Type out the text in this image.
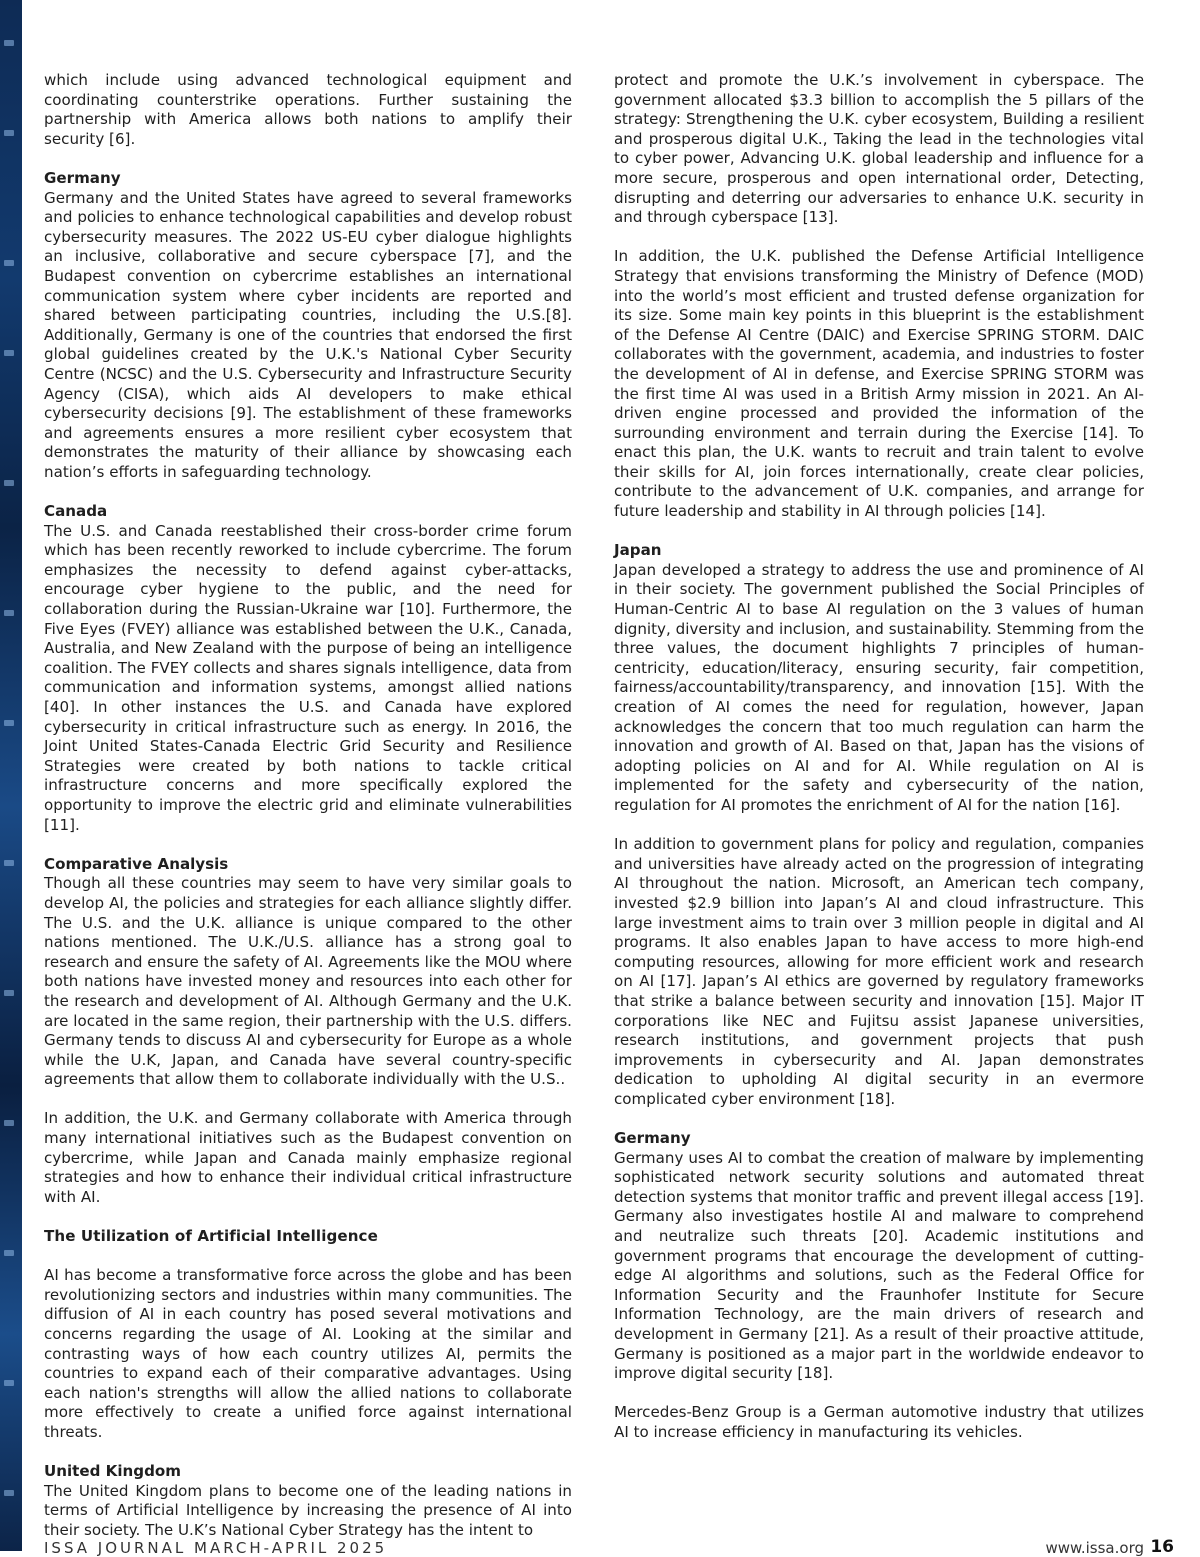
which include using advanced technological equipment and coordinating counterstrike operations. Further sustaining the partnership with America allows both nations to amplify their security [6].

Germany

Germany and the United States have agreed to several frameworks and policies to enhance technological capabilities and develop robust cybersecurity measures. The 2022 US-EU cyber dialogue highlights an inclusive, collaborative and secure cyberspace [7], and the Budapest convention on cybercrime establishes an international communication system where cyber incidents are reported and shared between participating countries, including the U.S.[8]. Additionally, Germany is one of the countries that endorsed the first global guidelines created by the U.K.'s National Cyber Security Centre (NCSC) and the U.S. Cybersecurity and Infrastructure Security Agency (CISA), which aids AI developers to make ethical cybersecurity decisions [9]. The establishment of these frameworks and agreements ensures a more resilient cyber ecosystem that demonstrates the maturity of their alliance by showcasing each nation’s efforts in safeguarding technology.

Canada

The U.S. and Canada reestablished their cross-border crime forum which has been recently reworked to include cybercrime. The forum emphasizes the necessity to defend against cyber-attacks, encourage cyber hygiene to the public, and the need for collaboration during the Russian-Ukraine war [10]. Furthermore, the Five Eyes (FVEY) alliance was established between the U.K., Canada, Australia, and New Zealand with the purpose of being an intelligence coalition. The FVEY collects and shares signals intelligence, data from communication and information systems, amongst allied nations [40]. In other instances the U.S. and Canada have explored cybersecurity in critical infrastructure such as energy. In 2016, the Joint United States-Canada Electric Grid Security and Resilience Strategies were created by both nations to tackle critical infrastructure concerns and more specifically explored the opportunity to improve the electric grid and eliminate vulnerabilities [11].

Comparative Analysis

Though all these countries may seem to have very similar goals to develop AI, the policies and strategies for each alliance slightly differ. The U.S. and the U.K. alliance is unique compared to the other nations mentioned. The U.K./U.S. alliance has a strong goal to research and ensure the safety of AI. Agreements like the MOU where both nations have invested money and resources into each other for the research and development of AI. Although Germany and the U.K. are located in the same region, their partnership with the U.S. differs. Germany tends to discuss AI and cybersecurity for Europe as a whole while the U.K, Japan, and Canada have several country-specific agreements that allow them to collaborate individually with the U.S..

In addition, the U.K. and Germany collaborate with America through many international initiatives such as the Budapest convention on cybercrime, while Japan and Canada mainly emphasize regional strategies and how to enhance their individual critical infrastructure with AI.

The Utilization of Artificial Intelligence

AI has become a transformative force across the globe and has been revolutionizing sectors and industries within many communities. The diffusion of AI in each country has posed several motivations and concerns regarding the usage of AI. Looking at the similar and contrasting ways of how each country utilizes AI, permits the countries to expand each of their comparative advantages. Using each nation's strengths will allow the allied nations to collaborate more effectively to create a unified force against international threats.

United Kingdom

The United Kingdom plans to become one of the leading nations in terms of Artificial Intelligence by increasing the presence of AI into their society. The U.K’s National Cyber Strategy has the intent to

protect and promote the U.K.’s involvement in cyberspace. The government allocated $3.3 billion to accomplish the 5 pillars of the strategy: Strengthening the U.K. cyber ecosystem, Building a resilient and prosperous digital U.K., Taking the lead in the technologies vital to cyber power, Advancing U.K. global leadership and influence for a more secure, prosperous and open international order, Detecting, disrupting and deterring our adversaries to enhance U.K. security in and through cyberspace [13].

In addition, the U.K. published the Defense Artificial Intelligence Strategy that envisions transforming the Ministry of Defence (MOD) into the world’s most efficient and trusted defense organization for its size. Some main key points in this blueprint is the establishment of the Defense AI Centre (DAIC) and Exercise SPRING STORM. DAIC collaborates with the government, academia, and industries to foster the development of AI in defense, and Exercise SPRING STORM was the first time AI was used in a British Army mission in 2021. An AI-driven engine processed and provided the information of the surrounding environment and terrain during the Exercise [14]. To enact this plan, the U.K. wants to recruit and train talent to evolve their skills for AI, join forces internationally, create clear policies, contribute to the advancement of U.K. companies, and arrange for future leadership and stability in AI through policies [14].

Japan

Japan developed a strategy to address the use and prominence of AI in their society. The government published the Social Principles of Human-Centric AI to base AI regulation on the 3 values of human dignity, diversity and inclusion, and sustainability. Stemming from the three values, the document highlights 7 principles of human-centricity, education/literacy, ensuring security, fair competition, fairness/accountability/transparency, and innovation [15]. With the creation of AI comes the need for regulation, however, Japan acknowledges the concern that too much regulation can harm the innovation and growth of AI. Based on that, Japan has the visions of adopting policies on AI and for AI. While regulation on AI is implemented for the safety and cybersecurity of the nation, regulation for AI promotes the enrichment of AI for the nation [16].

In addition to government plans for policy and regulation, companies and universities have already acted on the progression of integrating AI throughout the nation. Microsoft, an American tech company, invested $2.9 billion into Japan’s AI and cloud infrastructure. This large investment aims to train over 3 million people in digital and AI programs. It also enables Japan to have access to more high-end computing resources, allowing for more efficient work and research on AI [17]. Japan’s AI ethics are governed by regulatory frameworks that strike a balance between security and innovation [15]. Major IT corporations like NEC and Fujitsu assist Japanese universities, research institutions, and government projects that push improvements in cybersecurity and AI. Japan demonstrates dedication to upholding AI digital security in an evermore complicated cyber environment [18].

Germany

Germany uses AI to combat the creation of malware by implementing sophisticated network security solutions and automated threat detection systems that monitor traffic and prevent illegal access [19]. Germany also investigates hostile AI and malware to comprehend and neutralize such threats [20]. Academic institutions and government programs that encourage the development of cutting-edge AI algorithms and solutions, such as the Federal Office for Information Security and the Fraunhofer Institute for Secure Information Technology, are the main drivers of research and development in Germany [21]. As a result of their proactive attitude, Germany is positioned as a major part in the worldwide endeavor to improve digital security [18].

Mercedes-Benz Group is a German automotive industry that utilizes AI to increase efficiency in manufacturing its vehicles.

ISSA JOURNAL MARCH-APRIL 2025	www.issa.org 16
